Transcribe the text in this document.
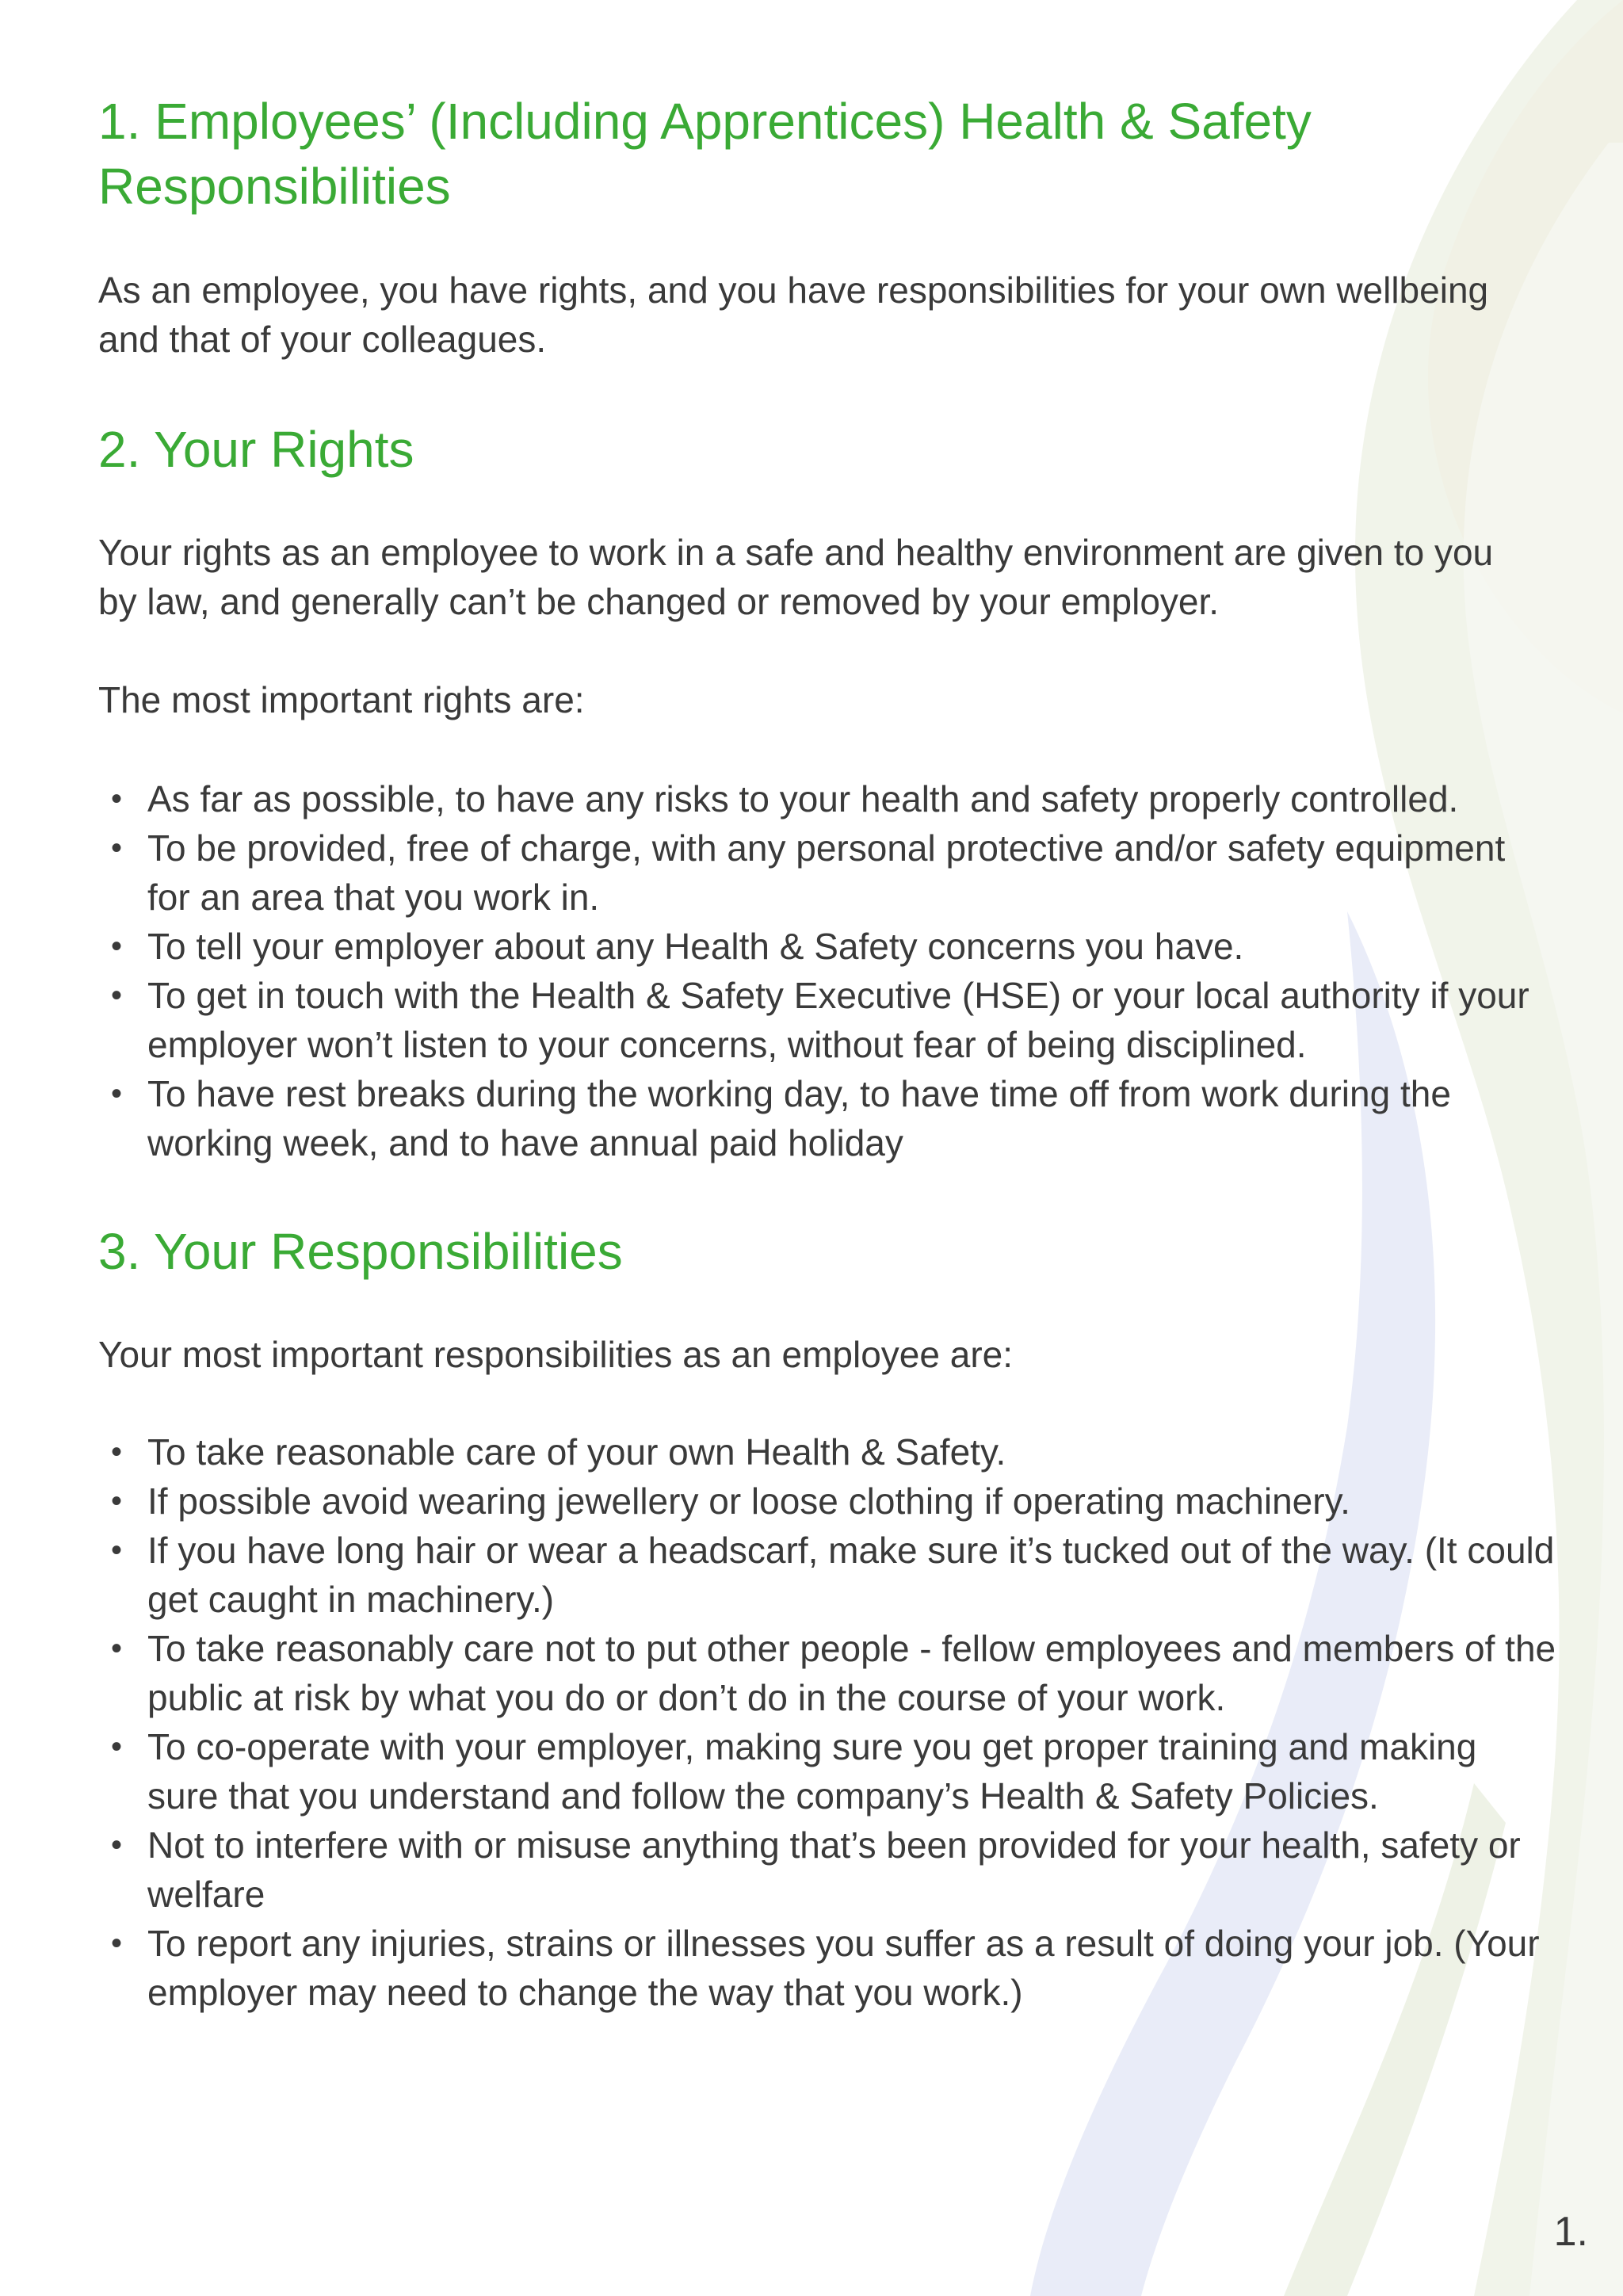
1. Employees’ (Including Apprentices) Health & Safety Responsibilities

As an employee, you have rights, and you have responsibilities for your own wellbeing and that of your colleagues.

2. Your Rights

Your rights as an employee to work in a safe and healthy environment are given to you by law, and generally can’t be changed or removed by your employer.

The most important rights are:

• As far as possible, to have any risks to your health and safety properly controlled.
• To be provided, free of charge, with any personal protective and/or safety equipment for an area that you work in.
• To tell your employer about any Health & Safety concerns you have.
• To get in touch with the Health & Safety Executive (HSE) or your local authority if your employer won’t listen to your concerns, without fear of being disciplined.
• To have rest breaks during the working day, to have time off from work during the working week, and to have annual paid holiday
3. Your Responsibilities

Your most important responsibilities as an employee are:

• To take reasonable care of your own Health & Safety.
• If possible avoid wearing jewellery or loose clothing if operating machinery.
• If you have long hair or wear a headscarf, make sure it’s tucked out of the way. (It could get caught in machinery.)
• To take reasonably care not to put other people - fellow employees and members of the public at risk by what you do or don’t do in the course of your work.
• To co-operate with your employer, making sure you get proper training and making sure that you understand and follow the company’s Health & Safety Policies.
• Not to interfere with or misuse anything that’s been provided for your health, safety or welfare
• To report any injuries, strains or illnesses you suffer as a result of doing your job. (Your employer may need to change the way that you work.)
1.
